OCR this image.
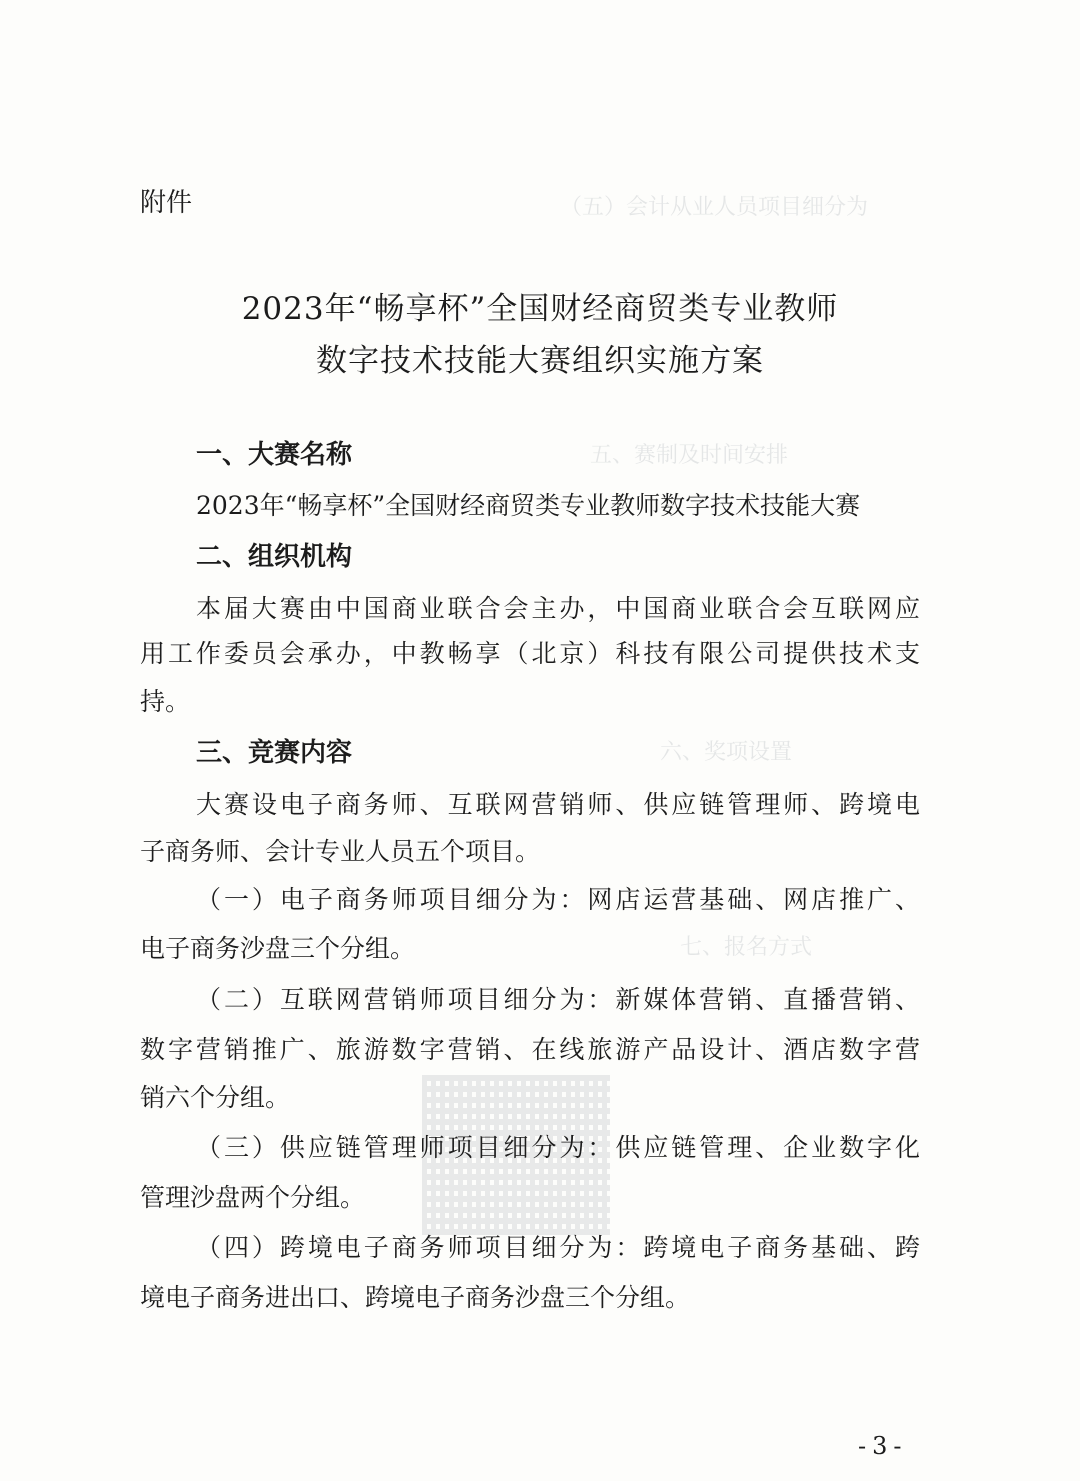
（五）会计从业人员项目细分为
五、赛制及时间安排
六、奖项设置
七、报名方式
附件
2023年“畅享杯”全国财经商贸类专业教师
数字技术技能大赛组织实施方案
一、大赛名称
2023年“畅享杯”全国财经商贸类专业教师数字技术技能大赛
二、组织机构
本届大赛由中国商业联合会主办，中国商业联合会互联网应
用工作委员会承办，中教畅享（北京）科技有限公司提供技术支
持。
三、竞赛内容
大赛设电子商务师、互联网营销师、供应链管理师、跨境电
子商务师、会计专业人员五个项目。
（一）电子商务师项目细分为：网店运营基础、网店推广、
电子商务沙盘三个分组。
（二）互联网营销师项目细分为：新媒体营销、直播营销、
数字营销推广、旅游数字营销、在线旅游产品设计、酒店数字营
销六个分组。
（三）供应链管理师项目细分为：供应链管理、企业数字化
管理沙盘两个分组。
（四）跨境电子商务师项目细分为：跨境电子商务基础、跨
境电子商务进出口、跨境电子商务沙盘三个分组。
-3-
